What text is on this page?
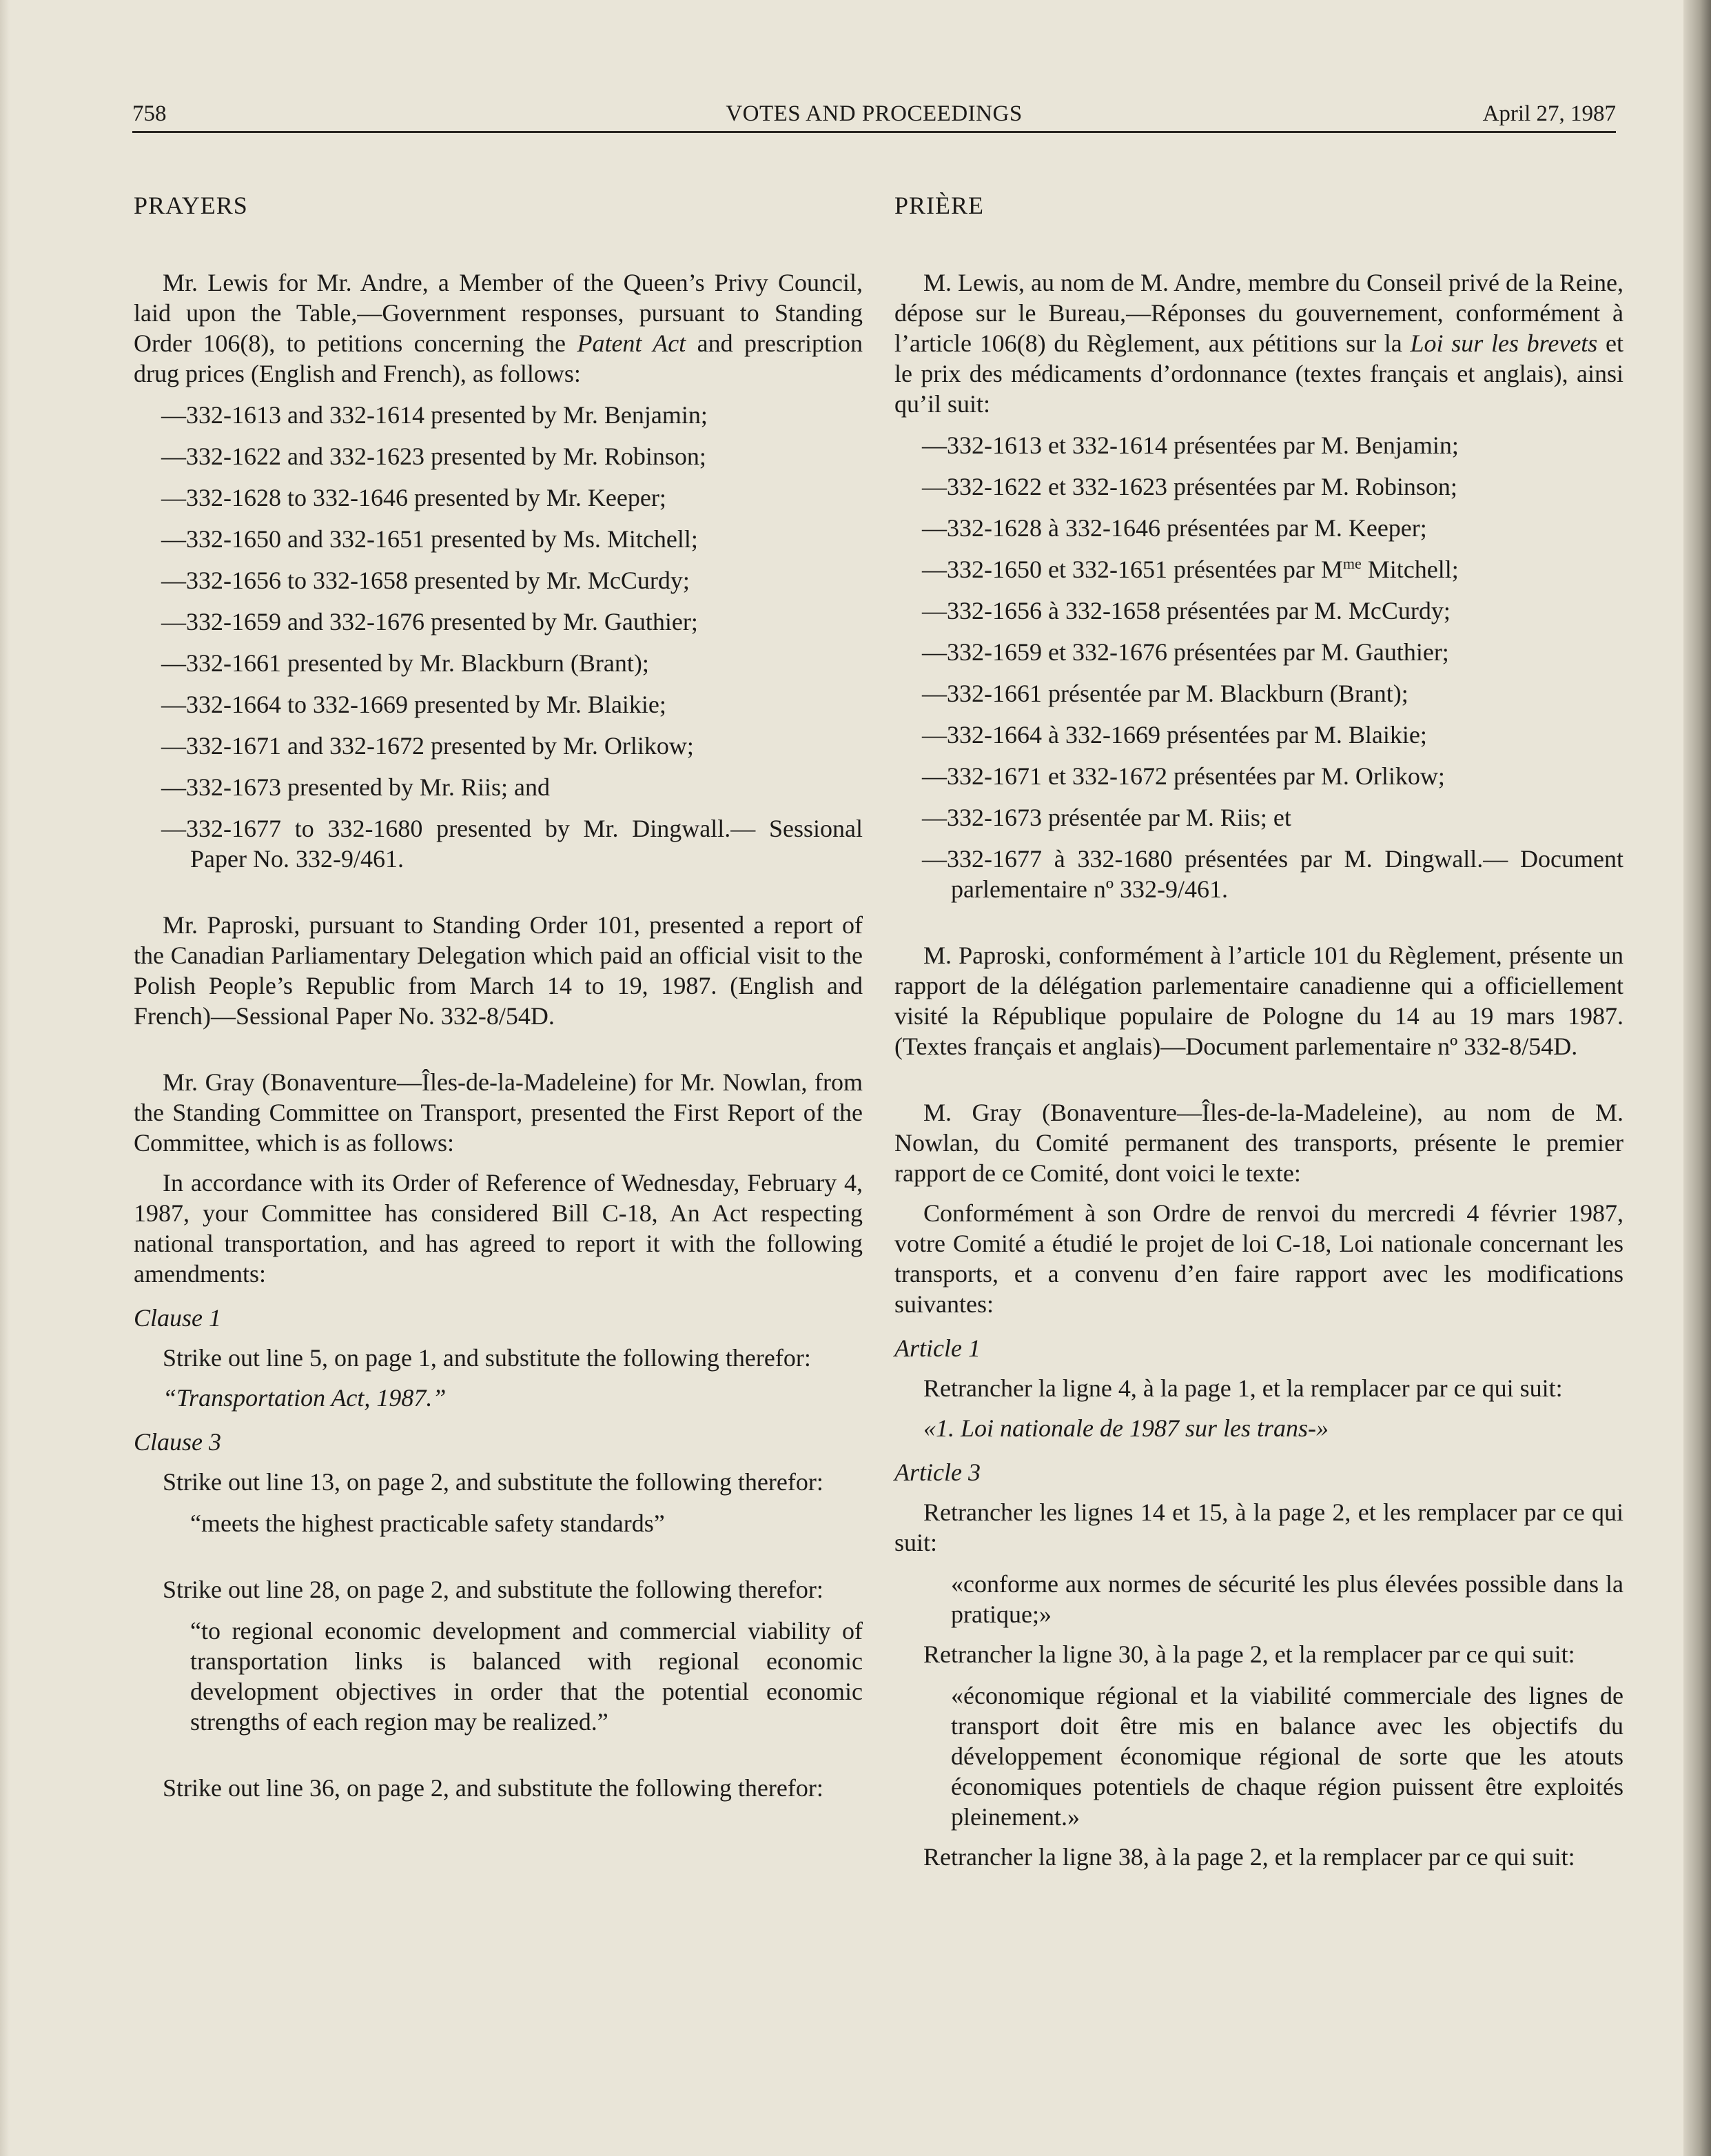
758	VOTES AND PROCEEDINGS	April 27, 1987

PRAYERS

Mr. Lewis for Mr. Andre, a Member of the Queen’s Privy Council, laid upon the Table,—Government responses, pursuant to Standing Order 106(8), to petitions concerning the Patent Act and prescription drug prices (English and French), as follows:

—332-1613 and 332-1614 presented by Mr. Benjamin;
—332-1622 and 332-1623 presented by Mr. Robinson;
—332-1628 to 332-1646 presented by Mr. Keeper;
—332-1650 and 332-1651 presented by Ms. Mitchell;
—332-1656 to 332-1658 presented by Mr. McCurdy;
—332-1659 and 332-1676 presented by Mr. Gauthier;
—332-1661 presented by Mr. Blackburn (Brant);
—332-1664 to 332-1669 presented by Mr. Blaikie;
—332-1671 and 332-1672 presented by Mr. Orlikow;
—332-1673 presented by Mr. Riis; and
—332-1677 to 332-1680 presented by Mr. Dingwall.— Sessional Paper No. 332-9/461.

Mr. Paproski, pursuant to Standing Order 101, presented a report of the Canadian Parliamentary Delegation which paid an official visit to the Polish People’s Republic from March 14 to 19, 1987. (English and French)—Sessional Paper No. 332-8/54D.

Mr. Gray (Bonaventure—Îles-de-la-Madeleine) for Mr. Nowlan, from the Standing Committee on Transport, presented the First Report of the Committee, which is as follows:

In accordance with its Order of Reference of Wednesday, February 4, 1987, your Committee has considered Bill C-18, An Act respecting national transportation, and has agreed to report it with the following amendments:

Clause 1

Strike out line 5, on page 1, and substitute the following therefor:

“Transportation Act, 1987.”

Clause 3

Strike out line 13, on page 2, and substitute the following therefor:

“meets the highest practicable safety standards”

Strike out line 28, on page 2, and substitute the following therefor:

“to regional economic development and commercial viability of transportation links is balanced with regional economic development objectives in order that the potential economic strengths of each region may be realized.”

Strike out line 36, on page 2, and substitute the following therefor:

PRIÈRE

M. Lewis, au nom de M. Andre, membre du Conseil privé de la Reine, dépose sur le Bureau,—Réponses du gouvernement, conformément à l’article 106(8) du Règlement, aux pétitions sur la Loi sur les brevets et le prix des médicaments d’ordonnance (textes français et anglais), ainsi qu’il suit:

—332-1613 et 332-1614 présentées par M. Benjamin;
—332-1622 et 332-1623 présentées par M. Robinson;
—332-1628 à 332-1646 présentées par M. Keeper;
—332-1650 et 332-1651 présentées par $M^{me}$ Mitchell;
—332-1656 à 332-1658 présentées par M. McCurdy;
—332-1659 et 332-1676 présentées par M. Gauthier;
—332-1661 présentée par M. Blackburn (Brant);
—332-1664 à 332-1669 présentées par M. Blaikie;
—332-1671 et 332-1672 présentées par M. Orlikow;
—332-1673 présentée par M. Riis; et
—332-1677 à 332-1680 présentées par M. Dingwall.— Document parlementaire nº 332-9/461.

M. Paproski, conformément à l’article 101 du Règlement, présente un rapport de la délégation parlementaire canadienne qui a officiellement visité la République populaire de Pologne du 14 au 19 mars 1987. (Textes français et anglais)—Document parlementaire nº 332-8/54D.

M. Gray (Bonaventure—Îles-de-la-Madeleine), au nom de M. Nowlan, du Comité permanent des transports, présente le premier rapport de ce Comité, dont voici le texte:

Conformément à son Ordre de renvoi du mercredi 4 février 1987, votre Comité a étudié le projet de loi C-18, Loi nationale concernant les transports, et a convenu d’en faire rapport avec les modifications suivantes:

Article 1

Retrancher la ligne 4, à la page 1, et la remplacer par ce qui suit:

«1. Loi nationale de 1987 sur les trans-»

Article 3

Retrancher les lignes 14 et 15, à la page 2, et les remplacer par ce qui suit:

«conforme aux normes de sécurité les plus élevées possible dans la pratique;»

Retrancher la ligne 30, à la page 2, et la remplacer par ce qui suit:

«économique régional et la viabilité commerciale des lignes de transport doit être mis en balance avec les objectifs du développement économique régional de sorte que les atouts économiques potentiels de chaque région puissent être exploités pleinement.»

Retrancher la ligne 38, à la page 2, et la remplacer par ce qui suit:
